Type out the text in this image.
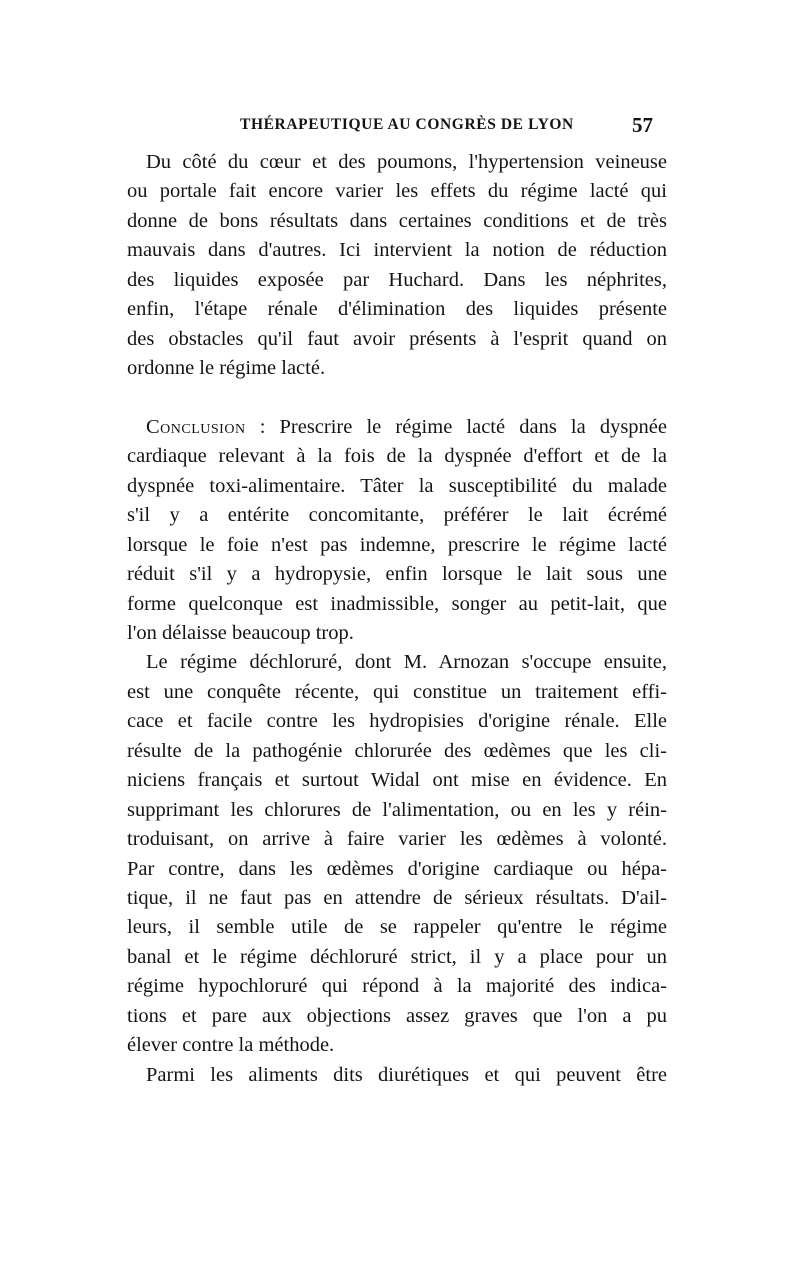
THÉRAPEUTIQUE AU CONGRÈS DE LYON	57
Du côté du cœur et des poumons, l'hypertension veineuse
ou portale fait encore varier les effets du régime lacté qui
donne de bons résultats dans certaines conditions et de très
mauvais dans d'autres. Ici intervient la notion de réduction
des liquides exposée par Huchard. Dans les néphrites,
enfin, l'étape rénale d'élimination des liquides présente
des obstacles qu'il faut avoir présents à l'esprit quand on
ordonne le régime lacté.
Conclusion : Prescrire le régime lacté dans la dyspnée
cardiaque relevant à la fois de la dyspnée d'effort et de la
dyspnée toxi-alimentaire. Tâter la susceptibilité du malade
s'il y a entérite concomitante, préférer le lait écrémé
lorsque le foie n'est pas indemne, prescrire le régime lacté
réduit s'il y a hydropysie, enfin lorsque le lait sous une
forme quelconque est inadmissible, songer au petit-lait, que
l'on délaisse beaucoup trop.
Le régime déchloruré, dont M. Arnozan s'occupe ensuite,
est une conquête récente, qui constitue un traitement effi-
cace et facile contre les hydropisies d'origine rénale. Elle
résulte de la pathogénie chlorurée des œdèmes que les cli-
niciens français et surtout Widal ont mise en évidence. En
supprimant les chlorures de l'alimentation, ou en les y réin-
troduisant, on arrive à faire varier les œdèmes à volonté.
Par contre, dans les œdèmes d'origine cardiaque ou hépa-
tique, il ne faut pas en attendre de sérieux résultats. D'ail-
leurs, il semble utile de se rappeler qu'entre le régime
banal et le régime déchloruré strict, il y a place pour un
régime hypochloruré qui répond à la majorité des indica-
tions et pare aux objections assez graves que l'on a pu
élever contre la méthode.
Parmi les aliments dits diurétiques et qui peuvent être
